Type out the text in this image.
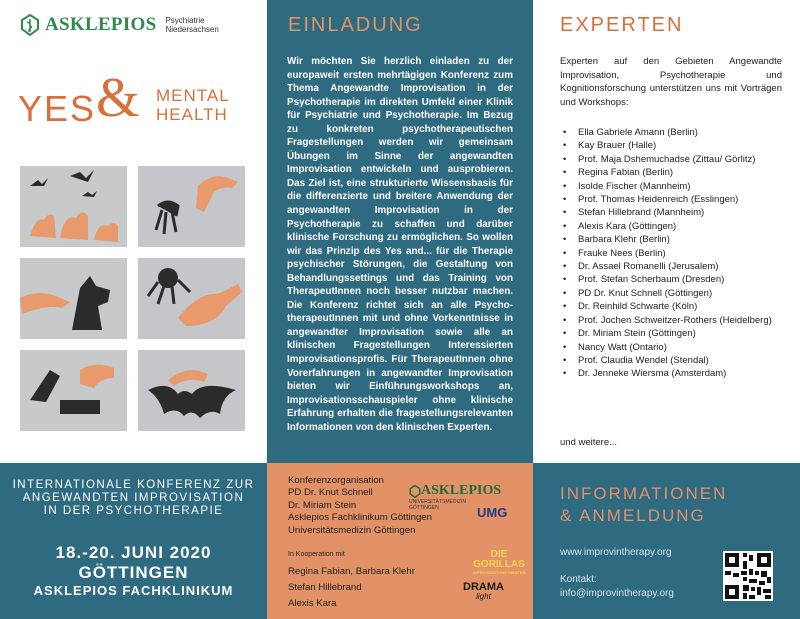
ASKLEPIOS Psychiatrie
Niedersachsen
YES & MENTAL
HEALTH
EINLADUNG
Wir möchten Sie herzlich einladen zu der europaweit ersten mehrtägigen Konferenz zum Thema Angewandte Improvisation in der Psychotherapie im direkten Umfeld einer Klinik für Psychiatrie und Psychotherapie. Im Bezug zu konkreten psychotherapeutischen Fragestellungen werden wir gemeinsam Übungen im Sinne der angewandten Improvisation entwickeln und ausprobieren. Das Ziel ist, eine strukturierte Wissensbasis für die differenzierte und breitere Anwendung der angewandten Improvisation in der Psychotherapie zu schaffen und darüber klinische Forschung zu ermöglichen. So wollen wir das Prinzip des Yes and... für die Therapie psychischer Störungen, die Gestaltung von Behandlungssettings und das Training von TherapeutInnen noch besser nutzbar machen. Die Konferenz richtet sich an alle Psycho-therapeutInnen mit und ohne Vorkenntnisse in angewandter Improvisation sowie alle an klinischen Fragestellungen Interessierten Improvisationsprofis. Für TherapeutInnen ohne Vorerfahrungen in angewandter Improvisation bieten wir Einführungsworkshops an, Improvisationsschauspieler ohne klinische Erfahrung erhalten die fragestellungsrelevanten Informationen von den klinischen Experten.
EXPERTEN
Experten auf den Gebieten Angewandte Improvisation, Psychotherapie und Kognitionsforschung unterstützen uns mit Vorträgen und Workshops:
• Ella Gabriele Amann (Berlin)
• Kay Brauer (Halle)
• Prof. Maja Dshemuchadse (Zittau/ Görlitz)
• Regina Fabian (Berlin)
• Isolde Fischer (Mannheim)
• Prof. Thomas Heidenreich (Esslingen)
• Stefan Hillebrand (Mannheim)
• Alexis Kara (Göttingen)
• Barbara Klehr (Berlin)
• Frauke Nees (Berlin)
• Dr. Assael Romanelli (Jerusalem)
• Prof. Stefan Scherbaum (Dresden)
• PD Dr. Knut Schnell (Göttingen)
• Dr. Reinhild Schwarte (Köln)
• Prof. Jochen Schweitzer-Rothers (Heidelberg)
• Dr. Miriam Stein (Göttingen)
• Nancy Watt (Ontario)
• Prof. Claudia Wendel (Stendal)
• Dr. Jenneke Wiersma (Amsterdam)
und weitere...
INTERNATIONALE KONFERENZ ZUR
ANGEWANDTEN IMPROVISATION
IN DER PSYCHOTHERAPIE
18.-20. JUNI 2020
GÖTTINGEN
ASKLEPIOS FACHKLINIKUM
Konferenzorganisation
PD Dr. Knut Schnell
Dr. Miriam Stein
Asklepios Fachklinikum Göttingen
Universitätsmedizin Göttingen
In Kooperation mit
Regina Fabian, Barbara Klehr
Stefan Hillebrand
Alexis Kara
ASKLEPIOS
UNIVERSITÄTSMEDIZIN
GÖTTINGEN	UMG
DIE GORILLAS
IMPROVISATIONSTHEATER
DRAMA
light
INFORMATIONEN
& ANMELDUNG
www.improvintherapy.org
Kontakt:
info@improvintherapy.org
